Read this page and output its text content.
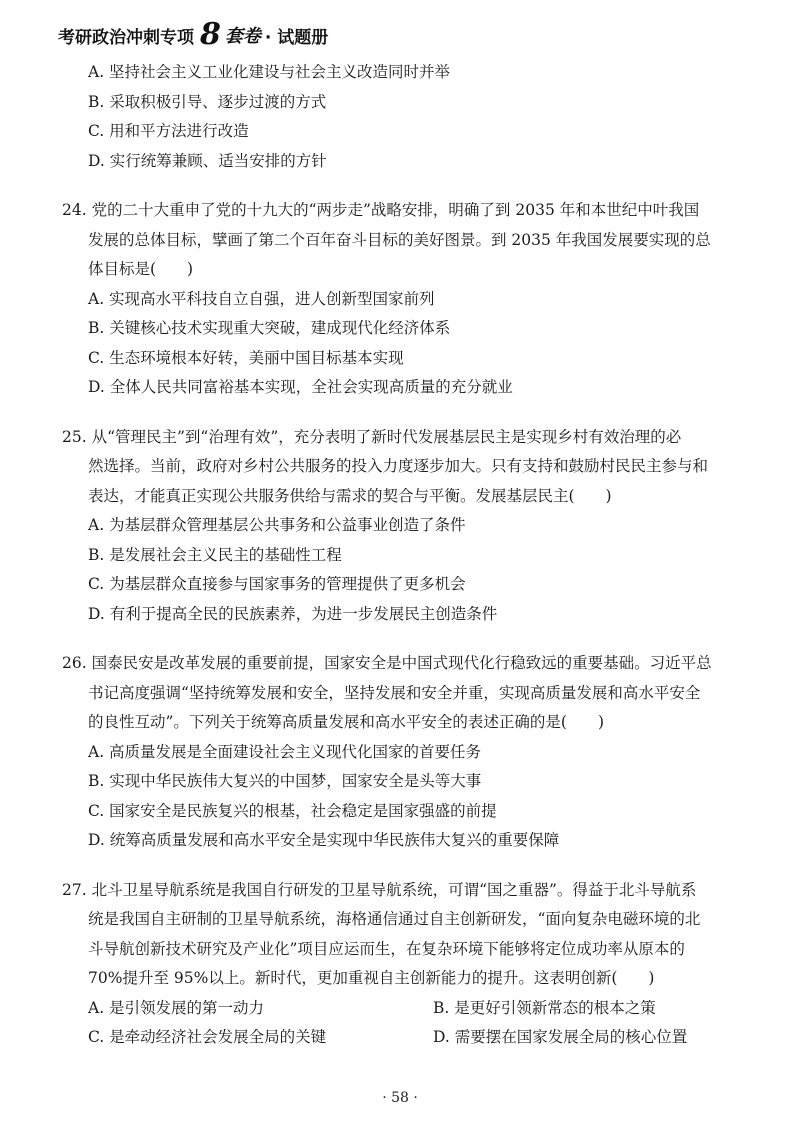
考研政治冲刺专项 8 套卷 · 试题册
A. 坚持社会主义工业化建设与社会主义改造同时并举
B. 采取积极引导、逐步过渡的方式
C. 用和平方法进行改造
D. 实行统筹兼顾、适当安排的方针
24. 党的二十大重申了党的十九大的“两步走”战略安排，明确了到 2035 年和本世纪中叶我国
发展的总体目标，擘画了第二个百年奋斗目标的美好图景。到 2035 年我国发展要实现的总
体目标是(　　)
A. 实现高水平科技自立自强，进人创新型国家前列
B. 关键核心技术实现重大突破，建成现代化经济体系
C. 生态环境根本好转，美丽中国目标基本实现
D. 全体人民共同富裕基本实现，全社会实现高质量的充分就业
25. 从“管理民主”到“治理有效”，充分表明了新时代发展基层民主是实现乡村有效治理的必
然选择。当前，政府对乡村公共服务的投入力度逐步加大。只有支持和鼓励村民民主参与和
表达，才能真正实现公共服务供给与需求的契合与平衡。发展基层民主(　　)
A. 为基层群众管理基层公共事务和公益事业创造了条件
B. 是发展社会主义民主的基础性工程
C. 为基层群众直接参与国家事务的管理提供了更多机会
D. 有利于提高全民的民族素养，为进一步发展民主创造条件
26. 国泰民安是改革发展的重要前提，国家安全是中国式现代化行稳致远的重要基础。习近平总
书记高度强调“坚持统筹发展和安全，坚持发展和安全并重，实现高质量发展和高水平安全
的良性互动”。下列关于统筹高质量发展和高水平安全的表述正确的是(　　)
A. 高质量发展是全面建设社会主义现代化国家的首要任务
B. 实现中华民族伟大复兴的中国梦，国家安全是头等大事
C. 国家安全是民族复兴的根基，社会稳定是国家强盛的前提
D. 统筹高质量发展和高水平安全是实现中华民族伟大复兴的重要保障
27. 北斗卫星导航系统是我国自行研发的卫星导航系统，可谓“国之重器”。得益于北斗导航系
统是我国自主研制的卫星导航系统，海格通信通过自主创新研发，“面向复杂电磁环境的北
斗导航创新技术研究及产业化”项目应运而生，在复杂环境下能够将定位成功率从原本的
70%提升至 95%以上。新时代，更加重视自主创新能力的提升。这表明创新(　　)
A. 是引领发展的第一动力	B. 是更好引领新常态的根本之策
C. 是牵动经济社会发展全局的关键	D. 需要摆在国家发展全局的核心位置
· 58 ·
